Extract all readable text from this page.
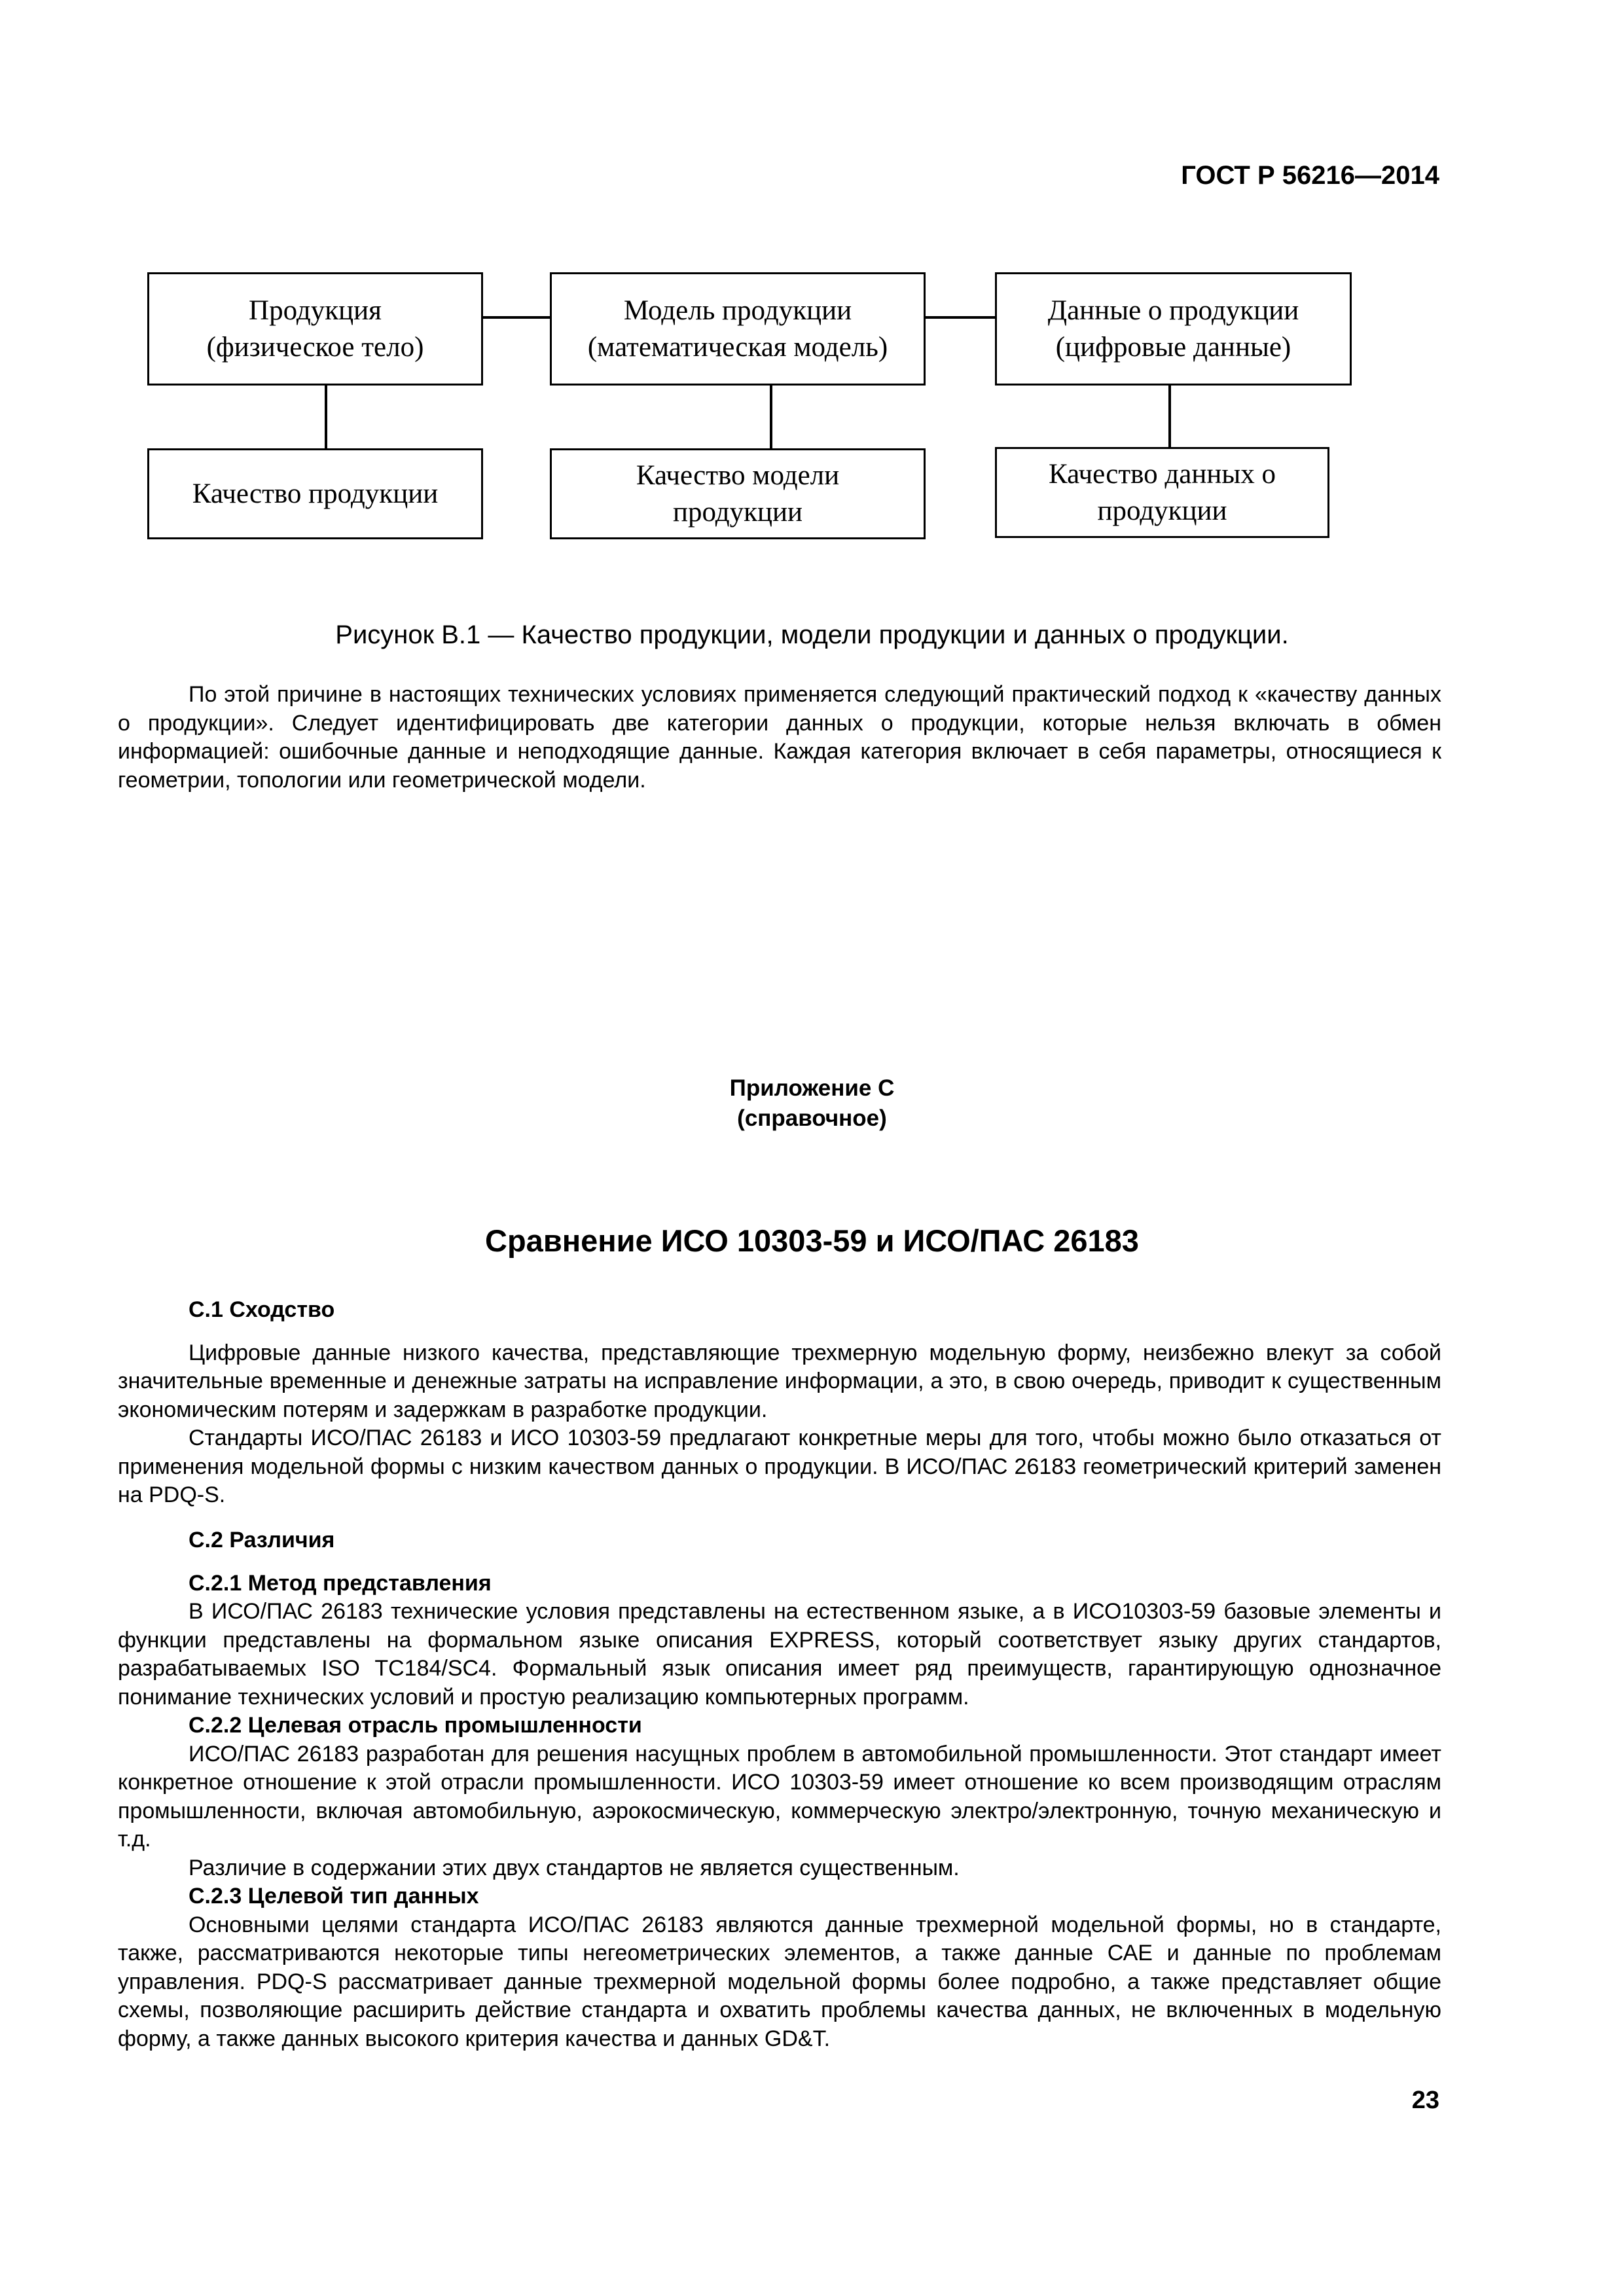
ГОСТ Р 56216—2014
Продукция
(физическое тело)
Модель продукции
(математическая модель)
Данные о продукции
(цифровые данные)
Качество продукции
Качество модели
продукции
Качество данных о
продукции
Рисунок В.1 — Качество продукции, модели продукции и данных о продукции.

По этой причине в настоящих технических условиях применяется следующий практический подход к «качеству данных о продукции». Следует идентифицировать две категории данных о продукции, которые нельзя включать в обмен информацией: ошибочные данные и неподходящие данные. Каждая категория включает в себя параметры, относящиеся к геометрии, топологии или геометрической модели.

Приложение С
(справочное)
Сравнение ИСО 10303-59 и ИСО/ПАС 26183
С.1 Сходство

Цифровые данные низкого качества, представляющие трехмерную модельную форму, неизбежно влекут за собой значительные временные и денежные затраты на исправление информации, а это, в свою очередь, приводит к существенным экономическим потерям и задержкам в разработке продукции.

Стандарты ИСО/ПАС 26183 и ИСО 10303-59 предлагают конкретные меры для того, чтобы можно было отказаться от применения модельной формы с низким качеством данных о продукции. В ИСО/ПАС 26183 геометрический критерий заменен на PDQ-S.

С.2 Различия
С.2.1 Метод представления

В ИСО/ПАС 26183 технические условия представлены на естественном языке, а в ИСО10303-59 базовые элементы и функции представлены на формальном языке описания EXPRESS, который соответствует языку других стандартов, разрабатываемых ISO TC184/SC4. Формальный язык описания имеет ряд преимуществ, гарантирующую однозначное понимание технических условий и простую реализацию компьютерных программ.

С.2.2 Целевая отрасль промышленности

ИСО/ПАС 26183 разработан для решения насущных проблем в автомобильной промышленности. Этот стандарт имеет конкретное отношение к этой отрасли промышленности. ИСО 10303-59 имеет отношение ко всем производящим отраслям промышленности, включая автомобильную, аэрокосмическую, коммерческую электро/электронную, точную механическую и т.д.

Различие в содержании этих двух стандартов не является существенным.

С.2.3 Целевой тип данных

Основными целями стандарта ИСО/ПАС 26183 являются данные трехмерной модельной формы, но в стандарте, также, рассматриваются некоторые типы негеометрических элементов, а также данные САЕ и данные по проблемам управления. PDQ-S рассматривает данные трехмерной модельной формы более подробно, а также представляет общие схемы, позволяющие расширить действие стандарта и охватить проблемы качества данных, не включенных в модельную форму, а также данных высокого критерия качества и данных GD&T.

23
